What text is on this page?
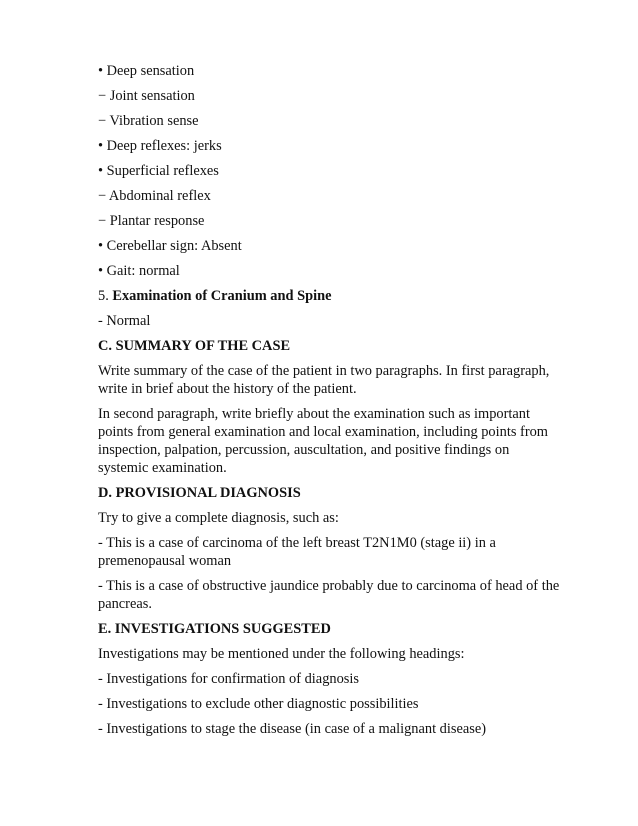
• Deep sensation
− Joint sensation
− Vibration sense
• Deep reflexes: jerks
• Superficial reflexes
− Abdominal reflex
− Plantar response
• Cerebellar sign: Absent
• Gait: normal
5. Examination of Cranium and Spine
- Normal
C. SUMMARY OF THE CASE
Write summary of the case of the patient in two paragraphs. In first paragraph,
write in brief about the history of the patient.
In second paragraph, write briefly about the examination such as important
points from general examination and local examination, including points from
inspection, palpation, percussion, auscultation, and positive findings on
systemic examination.
D. PROVISIONAL DIAGNOSIS
Try to give a complete diagnosis, such as:
- This is a case of carcinoma of the left breast T2N1M0 (stage ii) in a
premenopausal woman
- This is a case of obstructive jaundice probably due to carcinoma of head of the
pancreas.
E. INVESTIGATIONS SUGGESTED
Investigations may be mentioned under the following headings:
- Investigations for confirmation of diagnosis
- Investigations to exclude other diagnostic possibilities
- Investigations to stage the disease (in case of a malignant disease)
